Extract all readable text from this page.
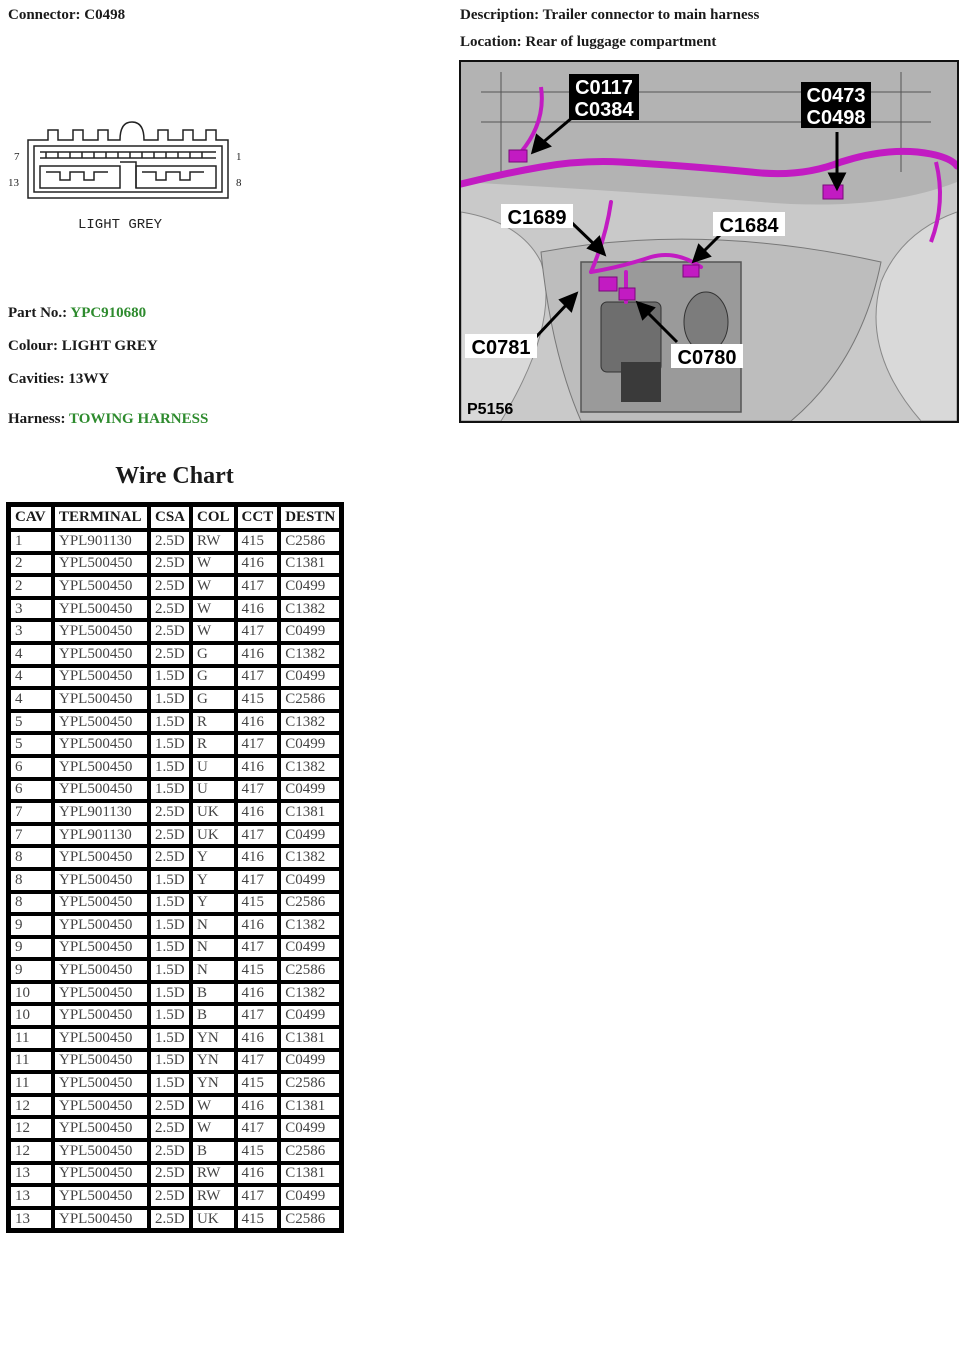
Connector: C0498	Description: Trailer connector to main harness
Location: Rear of luggage compartment
7	1
13	8
LIGHT GREY
Part No.: YPC910680
Colour: LIGHT GREY
Cavities: 13WY
Harness: TOWING HARNESS
C0117
C0384
C0473
C0498
C1689	C1684
C0781	C0780
P5156
Wire Chart
CAV	TERMINAL	CSA	COL	CCT	DESTN
1	YPL901130	2.5D	RW	415	C2586
2	YPL500450	2.5D	W	416	C1381
2	YPL500450	2.5D	W	417	C0499
3	YPL500450	2.5D	W	416	C1382
3	YPL500450	2.5D	W	417	C0499
4	YPL500450	2.5D	G	416	C1382
4	YPL500450	1.5D	G	417	C0499
4	YPL500450	1.5D	G	415	C2586
5	YPL500450	1.5D	R	416	C1382
5	YPL500450	1.5D	R	417	C0499
6	YPL500450	1.5D	U	416	C1382
6	YPL500450	1.5D	U	417	C0499
7	YPL901130	2.5D	UK	416	C1381
7	YPL901130	2.5D	UK	417	C0499
8	YPL500450	2.5D	Y	416	C1382
8	YPL500450	1.5D	Y	417	C0499
8	YPL500450	1.5D	Y	415	C2586
9	YPL500450	1.5D	N	416	C1382
9	YPL500450	1.5D	N	417	C0499
9	YPL500450	1.5D	N	415	C2586
10	YPL500450	1.5D	B	416	C1382
10	YPL500450	1.5D	B	417	C0499
11	YPL500450	1.5D	YN	416	C1381
11	YPL500450	1.5D	YN	417	C0499
11	YPL500450	1.5D	YN	415	C2586
12	YPL500450	2.5D	W	416	C1381
12	YPL500450	2.5D	W	417	C0499
12	YPL500450	2.5D	B	415	C2586
13	YPL500450	2.5D	RW	416	C1381
13	YPL500450	2.5D	RW	417	C0499
13	YPL500450	2.5D	UK	415	C2586
